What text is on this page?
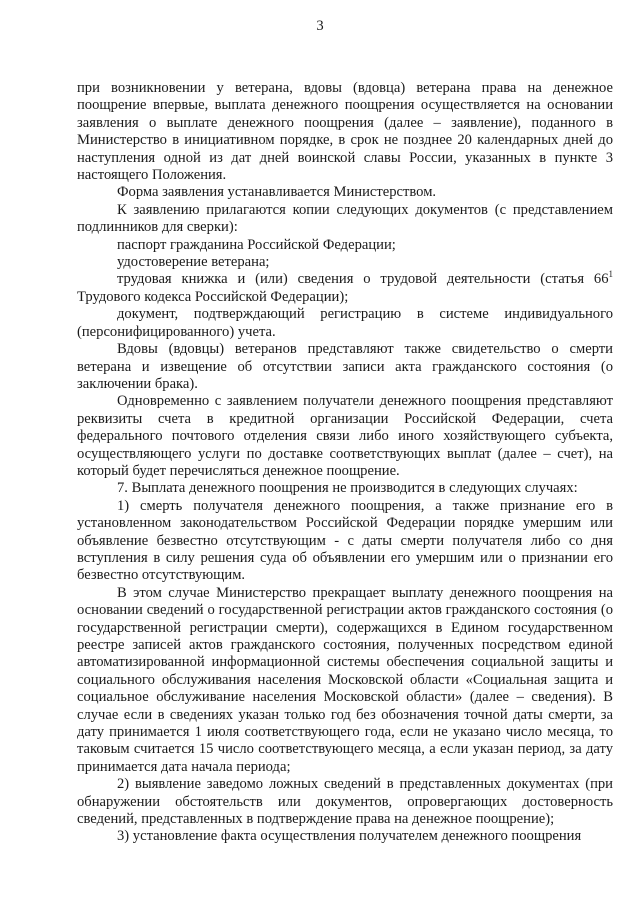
3

при возникновении у ветерана, вдовы (вдовца) ветерана права на денежное поощрение впервые, выплата денежного поощрения осуществляется на основании заявления о выплате денежного поощрения (далее – заявление), поданного в Министерство в инициативном порядке, в срок не позднее 20 календарных дней до наступления одной из дат дней воинской славы России, указанных в пункте 3 настоящего Положения.

Форма заявления устанавливается Министерством.

К заявлению прилагаются копии следующих документов (с представлением подлинников для сверки):

паспорт гражданина Российской Федерации;

удостоверение ветерана;

трудовая книжка и (или) сведения о трудовой деятельности (статья $66^1$ Трудового кодекса Российской Федерации);

документ, подтверждающий регистрацию в системе индивидуального (персонифицированного) учета.

Вдовы (вдовцы) ветеранов представляют также свидетельство о смерти ветерана и извещение об отсутствии записи акта гражданского состояния (о заключении брака).

Одновременно с заявлением получатели денежного поощрения представляют реквизиты счета в кредитной организации Российской Федерации, счета федерального почтового отделения связи либо иного хозяйствующего субъекта, осуществляющего услуги по доставке соответствующих выплат (далее – счет), на который будет перечисляться денежное поощрение.

7. Выплата денежного поощрения не производится в следующих случаях:

1) смерть получателя денежного поощрения, а также признание его в установленном законодательством Российской Федерации порядке умершим или объявление безвестно отсутствующим - с даты смерти получателя либо со дня вступления в силу решения суда об объявлении его умершим или о признании его безвестно отсутствующим.

В этом случае Министерство прекращает выплату денежного поощрения на основании сведений о государственной регистрации актов гражданского состояния (о государственной регистрации смерти), содержащихся в Едином государственном реестре записей актов гражданского состояния, полученных посредством единой автоматизированной информационной системы обеспечения социальной защиты и социального обслуживания населения Московской области «Социальная защита и социальное обслуживание населения Московской области» (далее – сведения). В случае если в сведениях указан только год без обозначения точной даты смерти, за дату принимается 1 июля соответствующего года, если не указано число месяца, то таковым считается 15 число соответствующего месяца, а если указан период, за дату принимается дата начала периода;

2) выявление заведомо ложных сведений в представленных документах (при обнаружении обстоятельств или документов, опровергающих достоверность сведений, представленных в подтверждение права на денежное поощрение);

3) установление факта осуществления получателем денежного поощрения
